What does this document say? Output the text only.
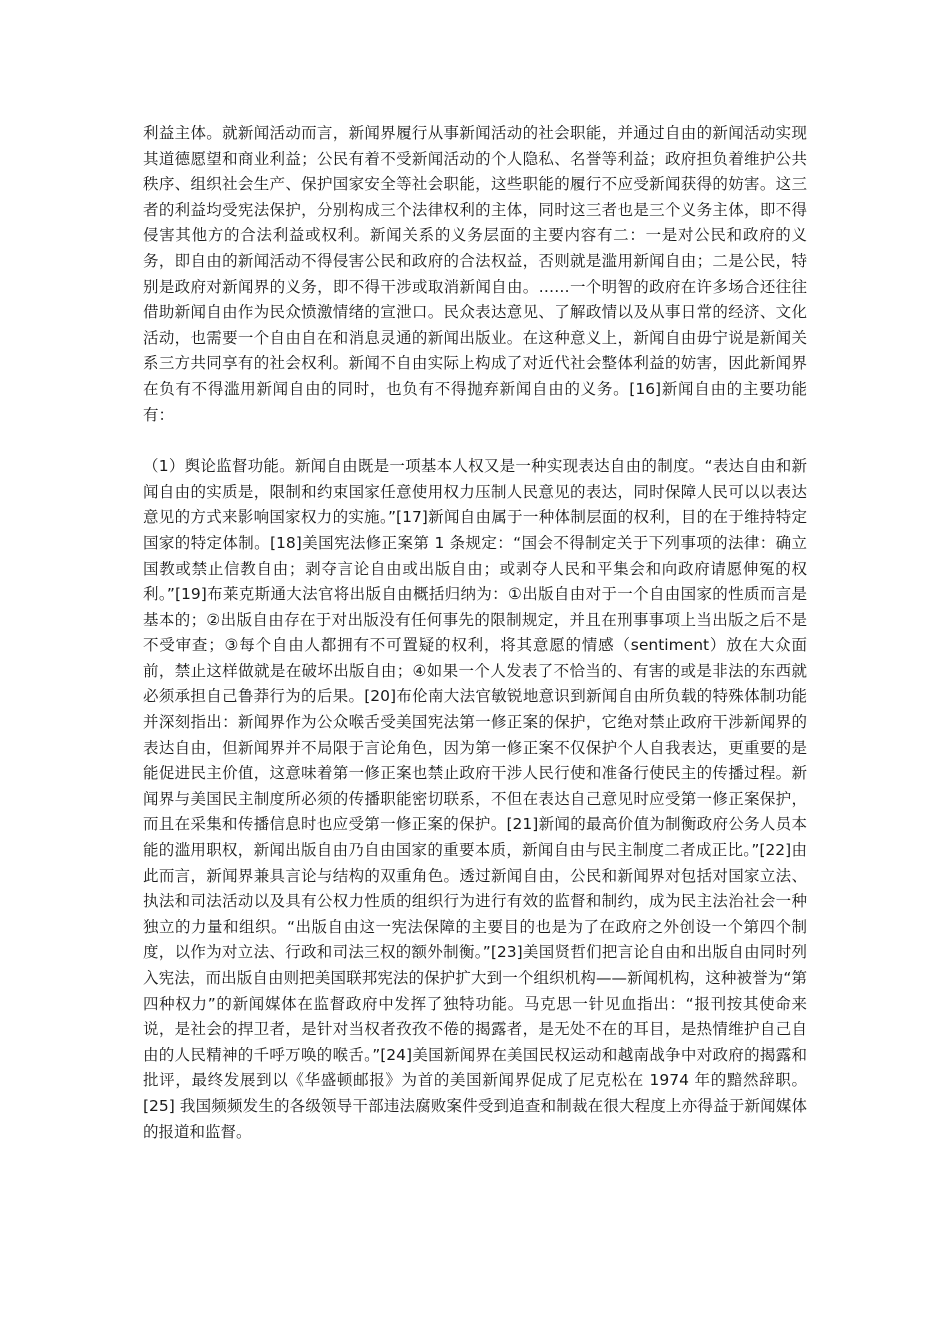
利益主体。就新闻活动而言，新闻界履行从事新闻活动的社会职能，并通过自由的新闻活动实现其道德愿望和商业利益；公民有着不受新闻活动的个人隐私、名誉等利益；政府担负着维护公共秩序、组织社会生产、保护国家安全等社会职能，这些职能的履行不应受新闻获得的妨害。这三者的利益均受宪法保护，分别构成三个法律权利的主体，同时这三者也是三个义务主体，即不得侵害其他方的合法利益或权利。新闻关系的义务层面的主要内容有二：一是对公民和政府的义务，即自由的新闻活动不得侵害公民和政府的合法权益，否则就是滥用新闻自由；二是公民，特别是政府对新闻界的义务，即不得干涉或取消新闻自由。……一个明智的政府在许多场合还往往借助新闻自由作为民众愤激情绪的宣泄口。民众表达意见、了解政情以及从事日常的经济、文化活动，也需要一个自由自在和消息灵通的新闻出版业。在这种意义上，新闻自由毋宁说是新闻关系三方共同享有的社会权利。新闻不自由实际上构成了对近代社会整体利益的妨害，因此新闻界在负有不得滥用新闻自由的同时，也负有不得抛弃新闻自由的义务。[16]新闻自由的主要功能有：

（1）舆论监督功能。新闻自由既是一项基本人权又是一种实现表达自由的制度。“表达自由和新闻自由的实质是，限制和约束国家任意使用权力压制人民意见的表达，同时保障人民可以以表达意见的方式来影响国家权力的实施。”[17]新闻自由属于一种体制层面的权利，目的在于维持特定国家的特定体制。[18]美国宪法修正案第 1 条规定：“国会不得制定关于下列事项的法律：确立国教或禁止信教自由；剥夺言论自由或出版自由；或剥夺人民和平集会和向政府请愿伸冤的权利。”[19]布莱克斯通大法官将出版自由概括归纳为：①出版自由对于一个自由国家的性质而言是基本的；②出版自由存在于对出版没有任何事先的限制规定，并且在刑事事项上当出版之后不是不受审查；③每个自由人都拥有不可置疑的权利，将其意愿的情感（sentiment）放在大众面前，禁止这样做就是在破坏出版自由；④如果一个人发表了不恰当的、有害的或是非法的东西就必须承担自己鲁莽行为的后果。[20]布伦南大法官敏锐地意识到新闻自由所负载的特殊体制功能并深刻指出：新闻界作为公众喉舌受美国宪法第一修正案的保护，它绝对禁止政府干涉新闻界的表达自由，但新闻界并不局限于言论角色，因为第一修正案不仅保护个人自我表达，更重要的是能促进民主价值，这意味着第一修正案也禁止政府干涉人民行使和准备行使民主的传播过程。新闻界与美国民主制度所必须的传播职能密切联系，不但在表达自己意见时应受第一修正案保护，而且在采集和传播信息时也应受第一修正案的保护。[21]新闻的最高价值为制衡政府公务人员本能的滥用职权，新闻出版自由乃自由国家的重要本质，新闻自由与民主制度二者成正比。”[22]由此而言，新闻界兼具言论与结构的双重角色。透过新闻自由，公民和新闻界对包括对国家立法、执法和司法活动以及具有公权力性质的组织行为进行有效的监督和制约，成为民主法治社会一种独立的力量和组织。“出版自由这一宪法保障的主要目的也是为了在政府之外创设一个第四个制度，以作为对立法、行政和司法三权的额外制衡。”[23]美国贤哲们把言论自由和出版自由同时列入宪法，而出版自由则把美国联邦宪法的保护扩大到一个组织机构——新闻机构，这种被誉为“第四种权力”的新闻媒体在监督政府中发挥了独特功能。马克思一针见血指出：“报刊按其使命来说，是社会的捍卫者，是针对当权者孜孜不倦的揭露者，是无处不在的耳目，是热情维护自己自由的人民精神的千呼万唤的喉舌。”[24]美国新闻界在美国民权运动和越南战争中对政府的揭露和批评，最终发展到以《华盛顿邮报》为首的美国新闻界促成了尼克松在 1974 年的黯然辞职。[25] 我国频频发生的各级领导干部违法腐败案件受到追查和制裁在很大程度上亦得益于新闻媒体的报道和监督。
